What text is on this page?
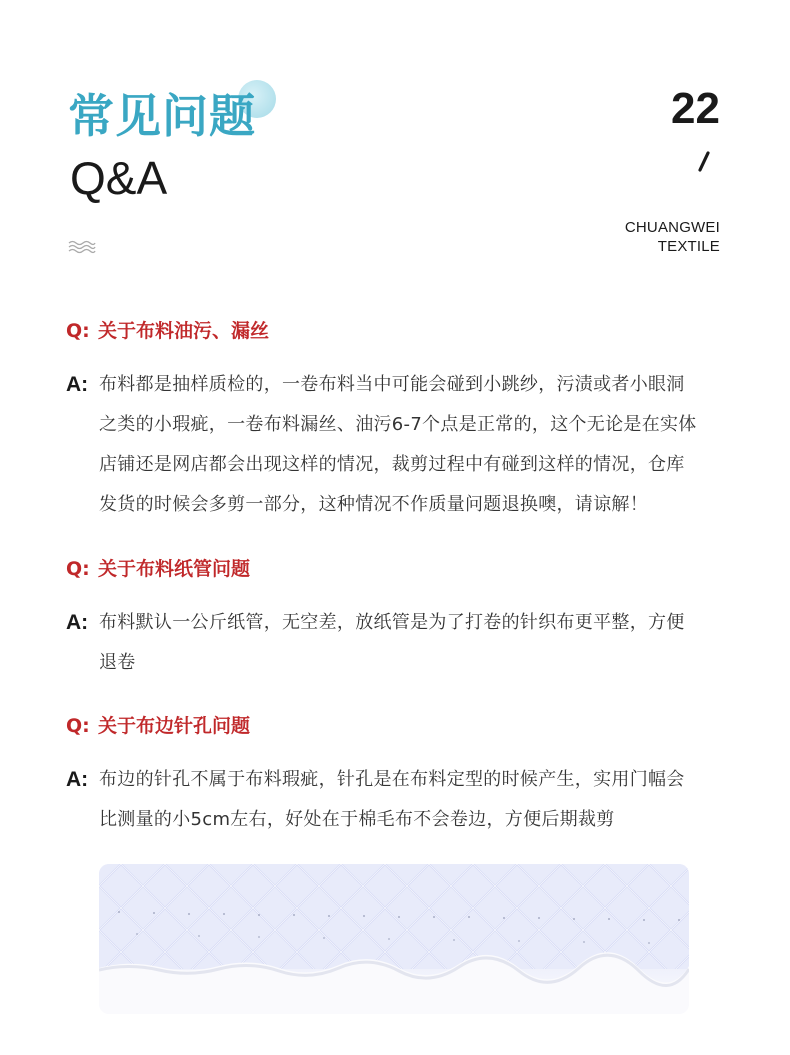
常见问题
Q&A
22
CHUANGWEI
TEXTILE
Q: 关于布料油污、漏丝
A: 布料都是抽样质检的，一卷布料当中可能会碰到小跳纱，污渍或者小眼洞
之类的小瑕疵，一卷布料漏丝、油污6-7个点是正常的，这个无论是在实体
店铺还是网店都会出现这样的情况，裁剪过程中有碰到这样的情况，仓库
发货的时候会多剪一部分，这种情况不作质量问题退换噢，请谅解！
Q: 关于布料纸管问题
A: 布料默认一公斤纸管，无空差，放纸管是为了打卷的针织布更平整，方便
退卷
Q: 关于布边针孔问题
A: 布边的针孔不属于布料瑕疵，针孔是在布料定型的时候产生，实用门幅会
比测量的小5cm左右，好处在于棉毛布不会卷边，方便后期裁剪
